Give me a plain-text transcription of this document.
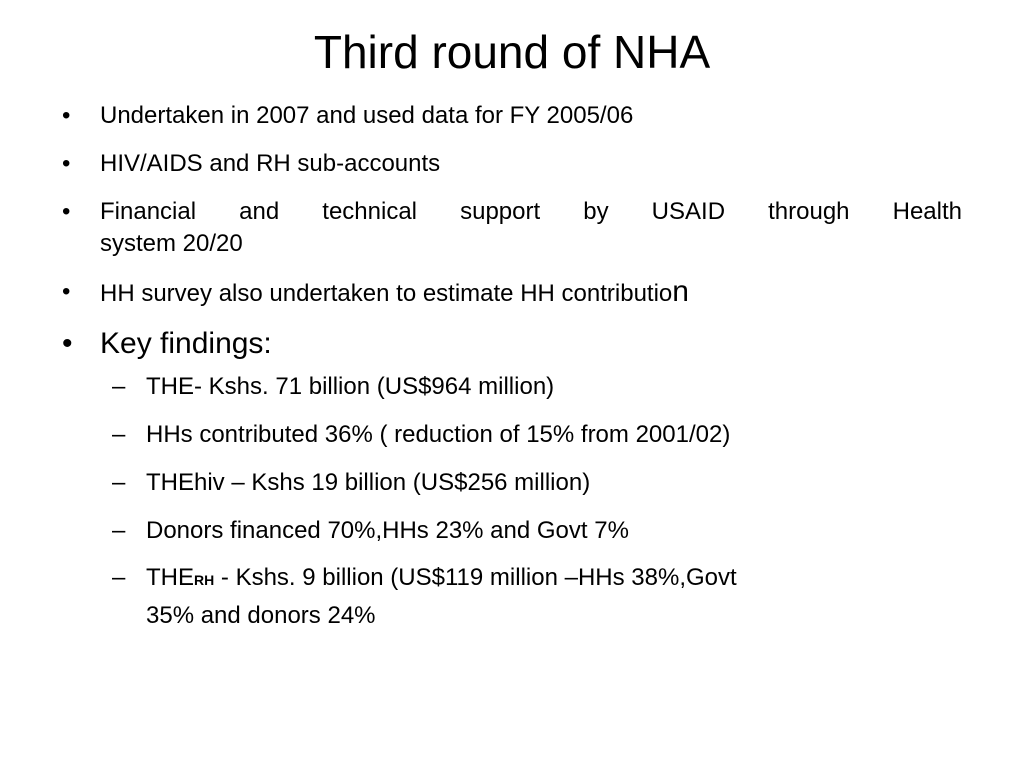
Third round of NHA
•	Undertaken in 2007 and used data for FY 2005/06
•	HIV/AIDS and RH sub-accounts
•	Financial and technical support by USAID through Health
system 20/20
•	HH survey also undertaken to estimate HH contribution
• Key findings:
– THE- Kshs. 71 billion (US$964 million)
– HHs contributed 36% ( reduction of 15% from 2001/02)
– THEhiv – Kshs 19 billion (US$256 million)
– Donors financed 70%,HHs 23% and Govt 7%
– THERH - Kshs. 9 billion (US$119 million –HHs 38%,Govt
35% and donors 24%
